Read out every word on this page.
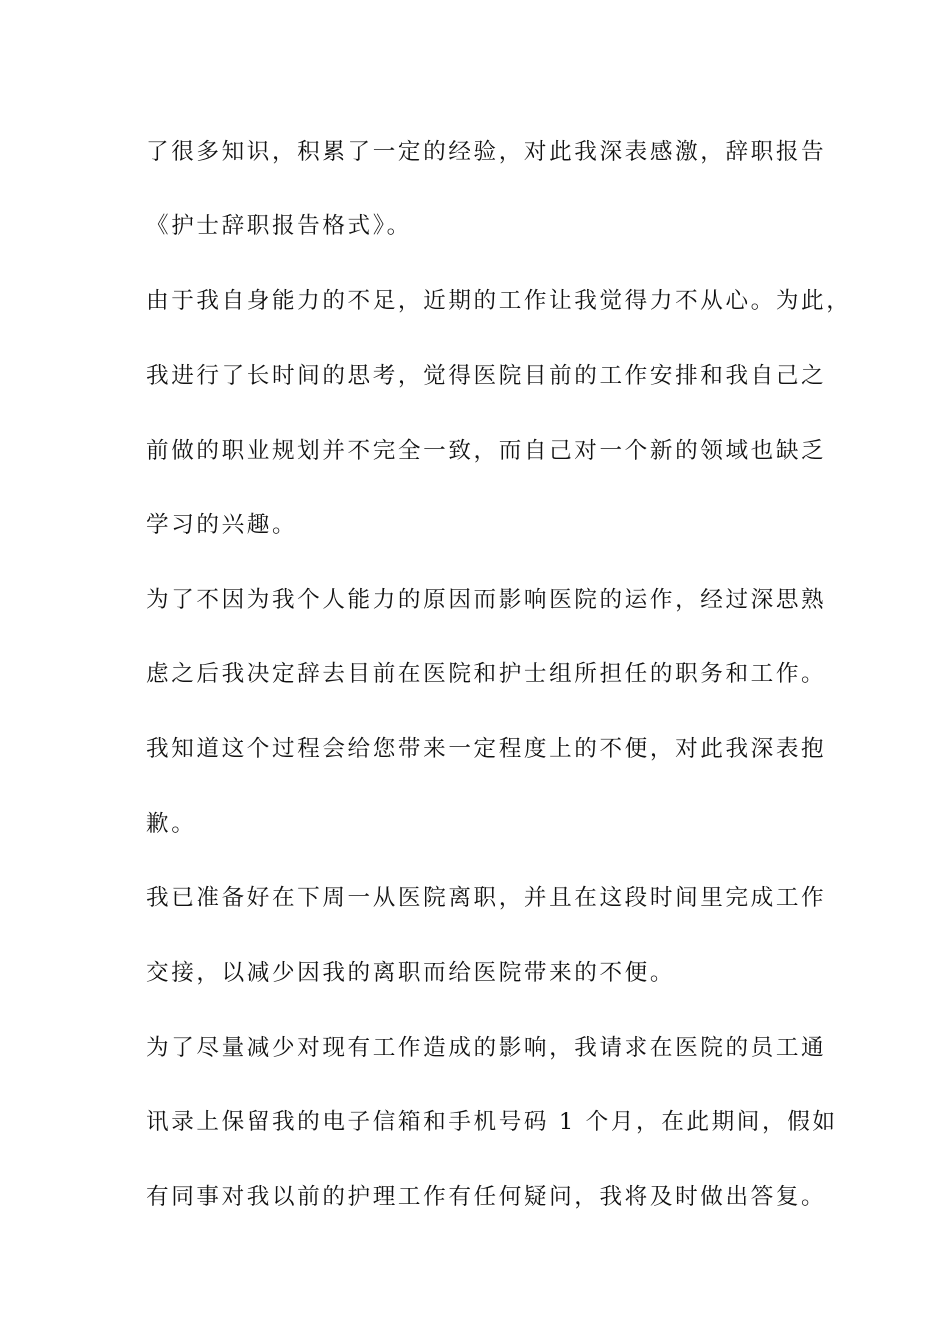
了很多知识，积累了一定的经验，对此我深表感激，辞职报告
《护士辞职报告格式》。
由于我自身能力的不足，近期的工作让我觉得力不从心。为此，
我进行了长时间的思考，觉得医院目前的工作安排和我自己之
前做的职业规划并不完全一致，而自己对一个新的领域也缺乏
学习的兴趣。
为了不因为我个人能力的原因而影响医院的运作，经过深思熟
虑之后我决定辞去目前在医院和护士组所担任的职务和工作。
我知道这个过程会给您带来一定程度上的不便，对此我深表抱
歉。
我已准备好在下周一从医院离职，并且在这段时间里完成工作
交接，以减少因我的离职而给医院带来的不便。
为了尽量减少对现有工作造成的影响，我请求在医院的员工通
讯录上保留我的电子信箱和手机号码 1 个月，在此期间，假如
有同事对我以前的护理工作有任何疑问，我将及时做出答复。
